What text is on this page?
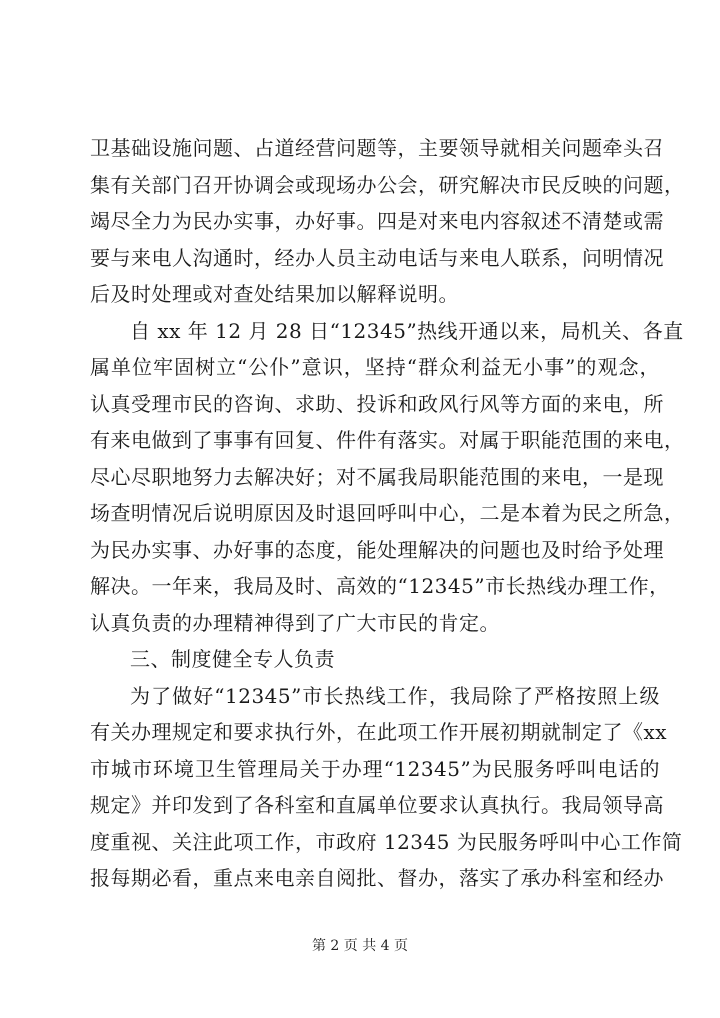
卫基础设施问题、占道经营问题等，主要领导就相关问题牵头召
集有关部门召开协调会或现场办公会，研究解决市民反映的问题，
竭尽全力为民办实事，办好事。四是对来电内容叙述不清楚或需
要与来电人沟通时，经办人员主动电话与来电人联系，问明情况
后及时处理或对查处结果加以解释说明。
自 xx 年 12 月 28 日“12345”热线开通以来，局机关、各直
属单位牢固树立“公仆”意识，坚持“群众利益无小事”的观念，
认真受理市民的咨询、求助、投诉和政风行风等方面的来电，所
有来电做到了事事有回复、件件有落实。对属于职能范围的来电，
尽心尽职地努力去解决好；对不属我局职能范围的来电，一是现
场查明情况后说明原因及时退回呼叫中心，二是本着为民之所急，
为民办实事、办好事的态度，能处理解决的问题也及时给予处理
解决。一年来，我局及时、高效的“12345”市长热线办理工作，
认真负责的办理精神得到了广大市民的肯定。
三、制度健全专人负责
为了做好“12345”市长热线工作，我局除了严格按照上级
有关办理规定和要求执行外，在此项工作开展初期就制定了《xx
市城市环境卫生管理局关于办理“12345”为民服务呼叫电话的
规定》并印发到了各科室和直属单位要求认真执行。我局领导高
度重视、关注此项工作，市政府 12345 为民服务呼叫中心工作简
报每期必看，重点来电亲自阅批、督办，落实了承办科室和经办
第 2 页 共 4 页
